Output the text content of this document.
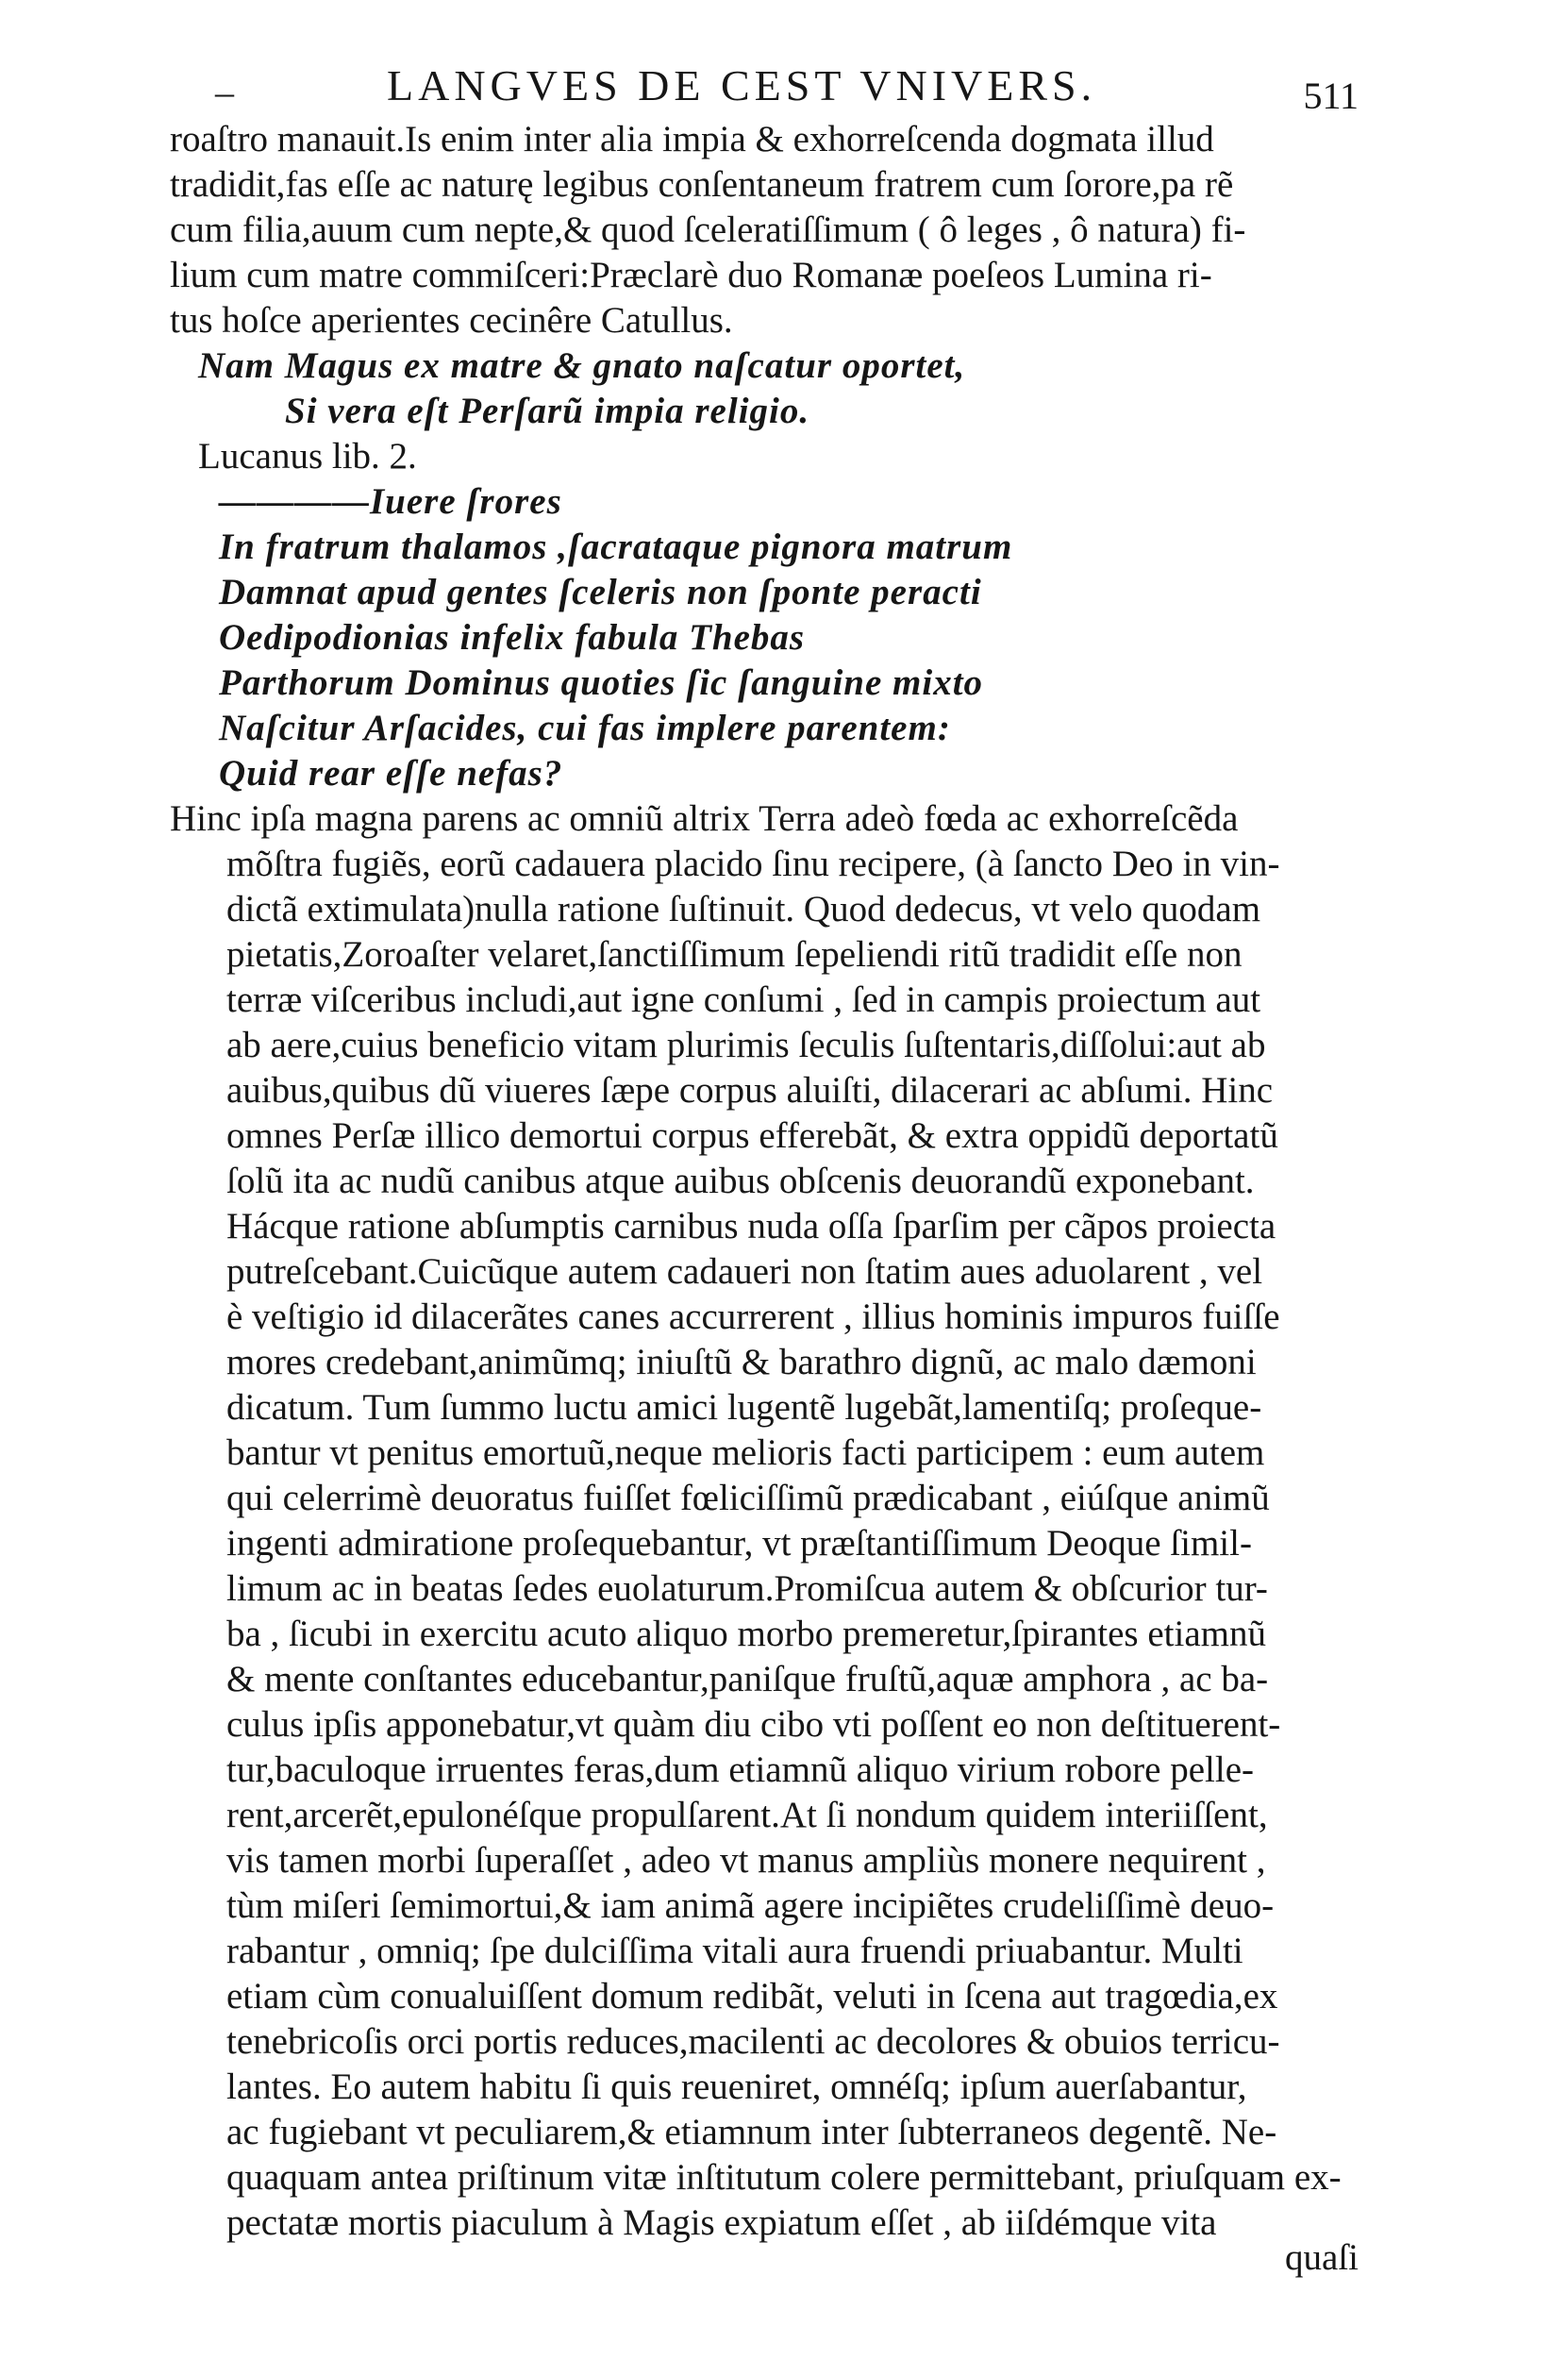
–	LANGVES DE CEST VNIVERS.	511
roaſtro manauit.Is enim inter alia impia & exhorreſcenda dogmata illud
tradidit,fas eſſe ac naturę legibus conſentaneum fratrem cum ſorore,pa rẽ
cum filia,auum cum nepte,& quod ſceleratiſſimum ( ô leges , ô natura) fi-
lium cum matre commiſceri:Præclarè duo Romanæ poeſeos Lumina ri-
tus hoſce aperientes cecinêre Catullus.
Nam Magus ex matre & gnato naſcatur oportet,
Si vera eſt Perſarũ impia religio.
Lucanus lib. 2.
————Iuere ſrores
In fratrum thalamos ,ſacrataque pignora matrum
Damnat apud gentes ſceleris non ſponte peracti
Oedipodionias infelix fabula Thebas
Parthorum Dominus quoties ſic ſanguine mixto
Naſcitur Arſacides, cui fas implere parentem:
Quid rear eſſe nefas?
Hinc ipſa magna parens ac omniũ altrix Terra adeò fœda ac exhorreſcẽda
mõſtra fugiẽs, eorũ cadauera placido ſinu recipere, (à ſancto Deo in vin-
dictã extimulata)nulla ratione ſuſtinuit. Quod dedecus, vt velo quodam
pietatis,Zoroaſter velaret,ſanctiſſimum ſepeliendi ritũ tradidit eſſe non
terræ viſceribus includi,aut igne conſumi , ſed in campis proiectum aut
ab aere,cuius beneficio vitam plurimis ſeculis ſuſtentaris,diſſolui:aut ab
auibus,quibus dũ viueres ſæpe corpus aluiſti, dilacerari ac abſumi. Hinc
omnes Perſæ illico demortui corpus efferebãt, & extra oppidũ deportatũ
ſolũ ita ac nudũ canibus atque auibus obſcenis deuorandũ exponebant.
Hácque ratione abſumptis carnibus nuda oſſa ſparſim per cãpos proiecta
putreſcebant.Cuicũque autem cadaueri non ſtatim aues aduolarent , vel
è veſtigio id dilacerãtes canes accurrerent , illius hominis impuros fuiſſe
mores credebant,animũmq; iniuſtũ & barathro dignũ, ac malo dæmoni
dicatum. Tum ſummo luctu amici lugentẽ lugebãt,lamentiſq; proſeque-
bantur vt penitus emortuũ,neque melioris facti participem : eum autem
qui celerrimè deuoratus fuiſſet fœliciſſimũ prædicabant , eiúſque animũ
ingenti admiratione proſequebantur, vt præſtantiſſimum Deoque ſimil-
limum ac in beatas ſedes euolaturum.Promiſcua autem & obſcurior tur-
ba , ſicubi in exercitu acuto aliquo morbo premeretur,ſpirantes etiamnũ
& mente conſtantes educebantur,paniſque fruſtũ,aquæ amphora , ac ba-
culus ipſis apponebatur,vt quàm diu cibo vti poſſent eo non deſtituerent-
tur,baculoque irruentes feras,dum etiamnũ aliquo virium robore pelle-
rent,arcerẽt,epulonéſque propulſarent.At ſi nondum quidem interiiſſent,
vis tamen morbi ſuperaſſet , adeo vt manus ampliùs monere nequirent ,
tùm miſeri ſemimortui,& iam animã agere incipiẽtes crudeliſſimè deuo-
rabantur , omniq; ſpe dulciſſima vitali aura fruendi priuabantur. Multi
etiam cùm conualuiſſent domum redibãt, veluti in ſcena aut tragœdia,ex
tenebricoſis orci portis reduces,macilenti ac decolores & obuios terricu-
lantes. Eo autem habitu ſi quis reueniret, omnéſq; ipſum auerſabantur,
ac fugiebant vt peculiarem,& etiamnum inter ſubterraneos degentẽ. Ne-
quaquam antea priſtinum vitæ inſtitutum colere permittebant, priuſquam ex-
pectatæ mortis piaculum à Magis expiatum eſſet , ab iiſdémque vita
quaſi
